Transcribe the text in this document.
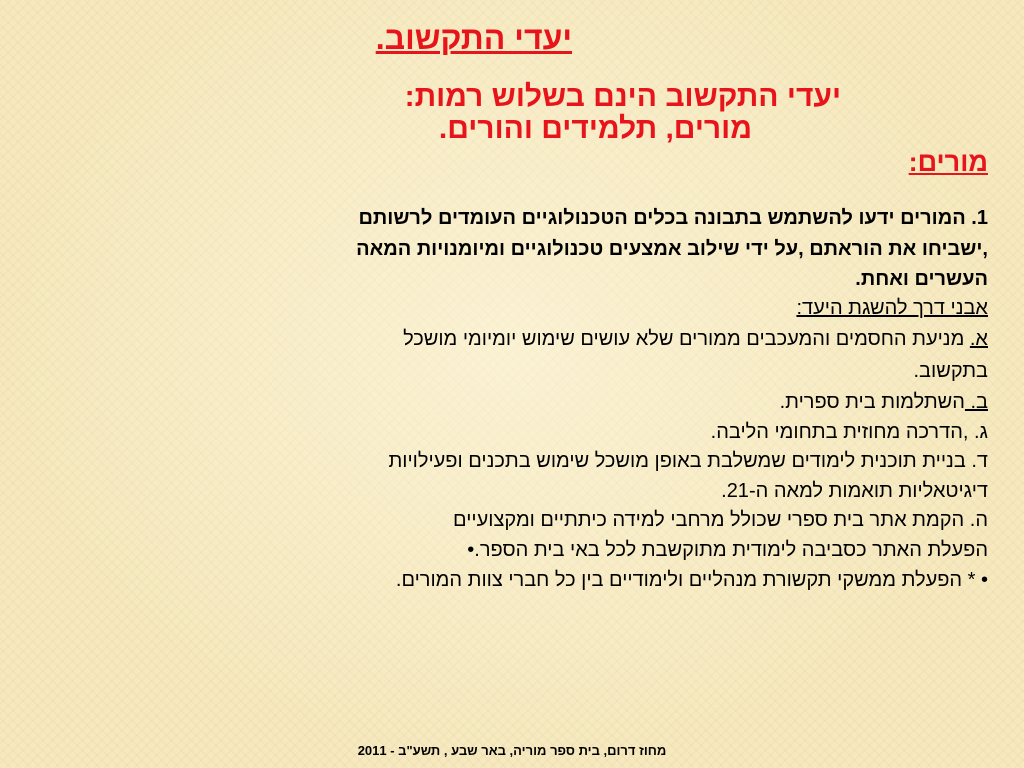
יעדי התקשוב.
יעדי התקשוב הינם בשלוש רמות:
מורים, תלמידים והורים.
מורים:
1. המורים ידעו להשתמש בתבונה בכלים הטכנולוגיים העומדים לרשותם
,ישביחו את הוראתם ,על ידי שילוב אמצעים טכנולוגיים ומיומנויות המאה
העשרים ואחת.
אבני דרך להשגת היעד:
א. מניעת החסמים והמעכבים ממורים שלא עושים שימוש יומיומי מושכל
בתקשוב.
ב. השתלמות בית ספרית.
ג. ,הדרכה מחוזית בתחומי הליבה.
ד. בניית תוכנית לימודים שמשלבת באופן מושכל שימוש בתכנים ופעילויות
דיגיטאליות תואמות למאה ה-21.
ה. הקמת אתר בית ספרי שכולל מרחבי למידה כיתתיים ומקצועיים
הפעלת האתר כסביבה לימודית מתוקשבת לכל באי בית הספר.•
• * הפעלת ממשקי תקשורת מנהליים ולימודיים בין כל חברי צוות המורים.
מחוז דרום, בית ספר מוריה, באר שבע , תשע"ב - 2011
